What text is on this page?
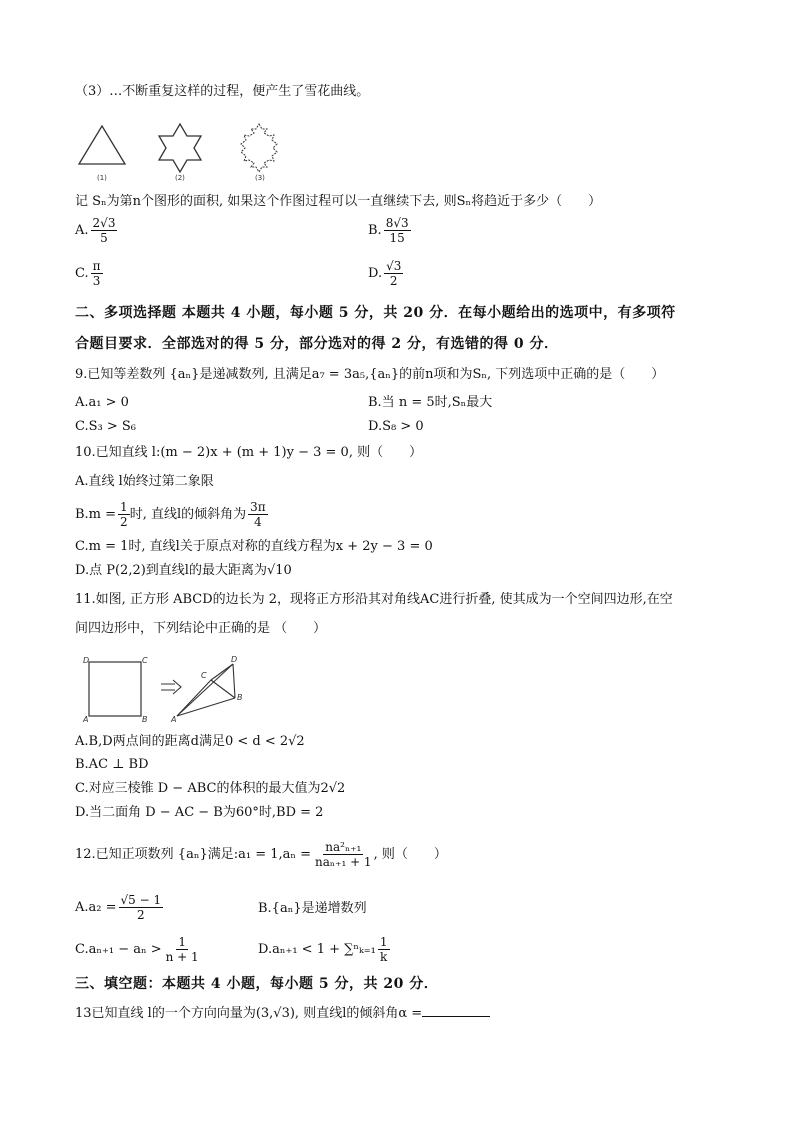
（3）…不断重复这样的过程，便产生了雪花曲线。
(1)	(2)	(3)
记 Sₙ为第n个图形的面积, 如果这个作图过程可以一直继续下去, 则Sₙ将趋近于多少（　　）
A. $\frac{2√3}{5}$	B. $\frac{8√3}{15}$
C. $\frac{\pi}{3}$	D. $\frac{√3}{2}$
二、多项选择题 本题共 4 小题，每小题 5 分，共 20 分．在每小题给出的选项中，有多项符
合题目要求．全部选对的得 5 分，部分选对的得 2 分，有选错的得 0 分．
9.已知等差数列 {aₙ}是递减数列, 且满足a₇ = 3a₅,{aₙ}的前n项和为Sₙ, 下列选项中正确的是（　　）
A.a₁ > 0	B.当 n = 5时,Sₙ最大
C.S₃ > S₆	D.S₈ > 0
10.已知直线 l:(m − 2)x + (m + 1)y − 3 = 0, 则（　　）
A.直线 l始终过第二象限
$B.m = \frac{1}{2}$ 时, 直线l的倾斜角为 $\frac{3\pi}{4}$
C.m = 1时, 直线l关于原点对称的直线方程为x + 2y − 3 = 0
D.点 P(2,2)到直线l的最大距离为√10
11.如图, 正方形 ABCD的边长为 2，现将正方形沿其对角线AC进行折叠, 使其成为一个空间四边形,在空
间四边形中，下列结论中正确的是 （　　）
D	C
A	B
C
D
B
A
A.B,D两点间的距离d满足0 < d < 2√2
B.AC ⊥ BD
C.对应三棱锥 D − ABC的体积的最大值为2√2
D.当二面角 D − AC − B为60°时,BD = 2
12.已知正项数列 {aₙ}满足:a₁ = $1,a_n = \frac{\text{na²ₙ₊₁}}{\text{naₙ₊₁ + 1}}$ , 则（　　）
$A.a_2 = \frac{√5 - 1}{2}$	B.{aₙ}是递增数列
$C.a_{n+1} - a_n > \frac{1}{n + 1}$	$D.a_{n+1} < 1 + \sum^n_{k=1} \frac{1}{k}$
三、填空题：本题共 4 小题，每小题 5 分，共 20 分．
13已知直线 l的一个方向向量为(3,√3), 则直线l的倾斜角α =
